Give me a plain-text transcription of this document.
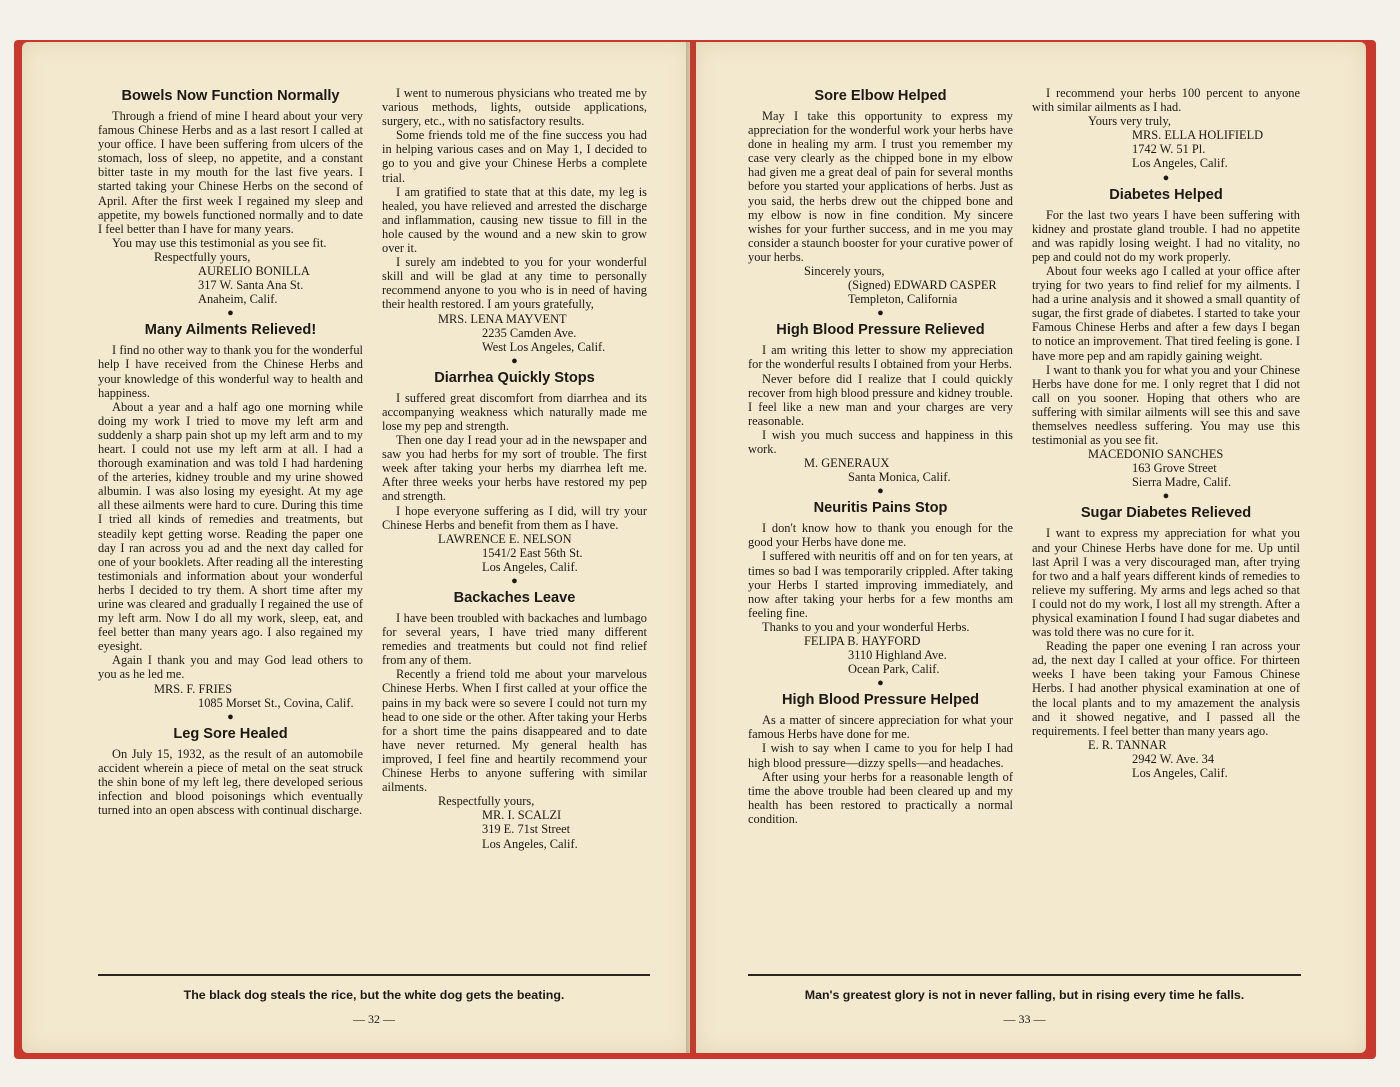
Bowels Now Function Normally

Through a friend of mine I heard about your very famous Chinese Herbs and as a last resort I called at your office. I have been suffering from ulcers of the stomach, loss of sleep, no appetite, and a constant bitter taste in my mouth for the last five years. I started taking your Chinese Herbs on the second of April. After the first week I regained my sleep and appetite, my bowels functioned normally and to date I feel better than I have for many years.

You may use this testimonial as you see fit.

Respectfully yours,
AURELIO BONILLA
317 W. Santa Ana St.
Anaheim, Calif.
●
Many Ailments Relieved!

I find no other way to thank you for the wonderful help I have received from the Chinese Herbs and your knowledge of this wonderful way to health and happiness.

About a year and a half ago one morning while doing my work I tried to move my left arm and suddenly a sharp pain shot up my left arm and to my heart. I could not use my left arm at all. I had a thorough examination and was told I had hardening of the arteries, kidney trouble and my urine showed albumin. I was also losing my eyesight. At my age all these ailments were hard to cure. During this time I tried all kinds of remedies and treatments, but steadily kept getting worse. Reading the paper one day I ran across you ad and the next day called for one of your booklets. After reading all the interesting testimonials and information about your wonderful herbs I decided to try them. A short time after my urine was cleared and gradually I regained the use of my left arm. Now I do all my work, sleep, eat, and feel better than many years ago. I also regained my eyesight.

Again I thank you and may God lead others to you as he led me.

MRS. F. FRIES
1085 Morset St., Covina, Calif.
●
Leg Sore Healed

On July 15, 1932, as the result of an automobile accident wherein a piece of metal on the seat struck the shin bone of my left leg, there developed serious infection and blood poisonings which eventually turned into an open abscess with continual discharge.

I went to numerous physicians who treated me by various methods, lights, outside applications, surgery, etc., with no satisfactory results.

Some friends told me of the fine success you had in helping various cases and on May 1, I decided to go to you and give your Chinese Herbs a complete trial.

I am gratified to state that at this date, my leg is healed, you have relieved and arrested the discharge and inflammation, causing new tissue to fill in the hole caused by the wound and a new skin to grow over it.

I surely am indebted to you for your wonderful skill and will be glad at any time to personally recommend anyone to you who is in need of having their health restored. I am yours gratefully,

MRS. LENA MAYVENT
2235 Camden Ave.
West Los Angeles, Calif.
●
Diarrhea Quickly Stops

I suffered great discomfort from diarrhea and its accompanying weakness which naturally made me lose my pep and strength.

Then one day I read your ad in the newspaper and saw you had herbs for my sort of trouble. The first week after taking your herbs my diarrhea left me. After three weeks your herbs have restored my pep and strength.

I hope everyone suffering as I did, will try your Chinese Herbs and benefit from them as I have.

LAWRENCE E. NELSON
1541/2 East 56th St.
Los Angeles, Calif.
●
Backaches Leave

I have been troubled with backaches and lumbago for several years, I have tried many different remedies and treatments but could not find relief from any of them.

Recently a friend told me about your marvelous Chinese Herbs. When I first called at your office the pains in my back were so severe I could not turn my head to one side or the other. After taking your Herbs for a short time the pains disappeared and to date have never returned. My general health has improved, I feel fine and heartily recommend your Chinese Herbs to anyone suffering with similar ailments.

Respectfully yours,
MR. I. SCALZI
319 E. 71st Street
Los Angeles, Calif.
The black dog steals the rice, but the white dog gets the beating.
— 32 —
Sore Elbow Helped

May I take this opportunity to express my appreciation for the wonderful work your herbs have done in healing my arm. I trust you remember my case very clearly as the chipped bone in my elbow had given me a great deal of pain for several months before you started your applications of herbs. Just as you said, the herbs drew out the chipped bone and my elbow is now in fine condition. My sincere wishes for your further success, and in me you may consider a staunch booster for your curative power of your herbs.

Sincerely yours,
(Signed) EDWARD CASPER
Templeton, California
●
High Blood Pressure Relieved

I am writing this letter to show my appreciation for the wonderful results I obtained from your Herbs.

Never before did I realize that I could quickly recover from high blood pressure and kidney trouble. I feel like a new man and your charges are very reasonable.

I wish you much success and happiness in this work.

M. GENERAUX
Santa Monica, Calif.
●
Neuritis Pains Stop

I don't know how to thank you enough for the good your Herbs have done me.

I suffered with neuritis off and on for ten years, at times so bad I was temporarily crippled. After taking your Herbs I started improving immediately, and now after taking your herbs for a few months am feeling fine.

Thanks to you and your wonderful Herbs.

FELIPA B. HAYFORD
3110 Highland Ave.
Ocean Park, Calif.
●
High Blood Pressure Helped

As a matter of sincere appreciation for what your famous Herbs have done for me.

I wish to say when I came to you for help I had high blood pressure—dizzy spells—and headaches.

After using your herbs for a reasonable length of time the above trouble had been cleared up and my health has been restored to practically a normal condition.

I recommend your herbs 100 percent to anyone with similar ailments as I had.

Yours very truly,
MRS. ELLA HOLIFIELD
1742 W. 51 Pl.
Los Angeles, Calif.
●
Diabetes Helped

For the last two years I have been suffering with kidney and prostate gland trouble. I had no appetite and was rapidly losing weight. I had no vitality, no pep and could not do my work properly.

About four weeks ago I called at your office after trying for two years to find relief for my ailments. I had a urine analysis and it showed a small quantity of sugar, the first grade of diabetes. I started to take your Famous Chinese Herbs and after a few days I began to notice an improvement. That tired feeling is gone. I have more pep and am rapidly gaining weight.

I want to thank you for what you and your Chinese Herbs have done for me. I only regret that I did not call on you sooner. Hoping that others who are suffering with similar ailments will see this and save themselves needless suffering. You may use this testimonial as you see fit.

MACEDONIO SANCHES
163 Grove Street
Sierra Madre, Calif.
●
Sugar Diabetes Relieved

I want to express my appreciation for what you and your Chinese Herbs have done for me. Up until last April I was a very discouraged man, after trying for two and a half years different kinds of remedies to relieve my suffering. My arms and legs ached so that I could not do my work, I lost all my strength. After a physical examination I found I had sugar diabetes and was told there was no cure for it.

Reading the paper one evening I ran across your ad, the next day I called at your office. For thirteen weeks I have been taking your Famous Chinese Herbs. I had another physical examination at one of the local plants and to my amazement the analysis and it showed negative, and I passed all the requirements. I feel better than many years ago.

E. R. TANNAR
2942 W. Ave. 34
Los Angeles, Calif.
Man's greatest glory is not in never falling, but in rising every time he falls.
— 33 —
